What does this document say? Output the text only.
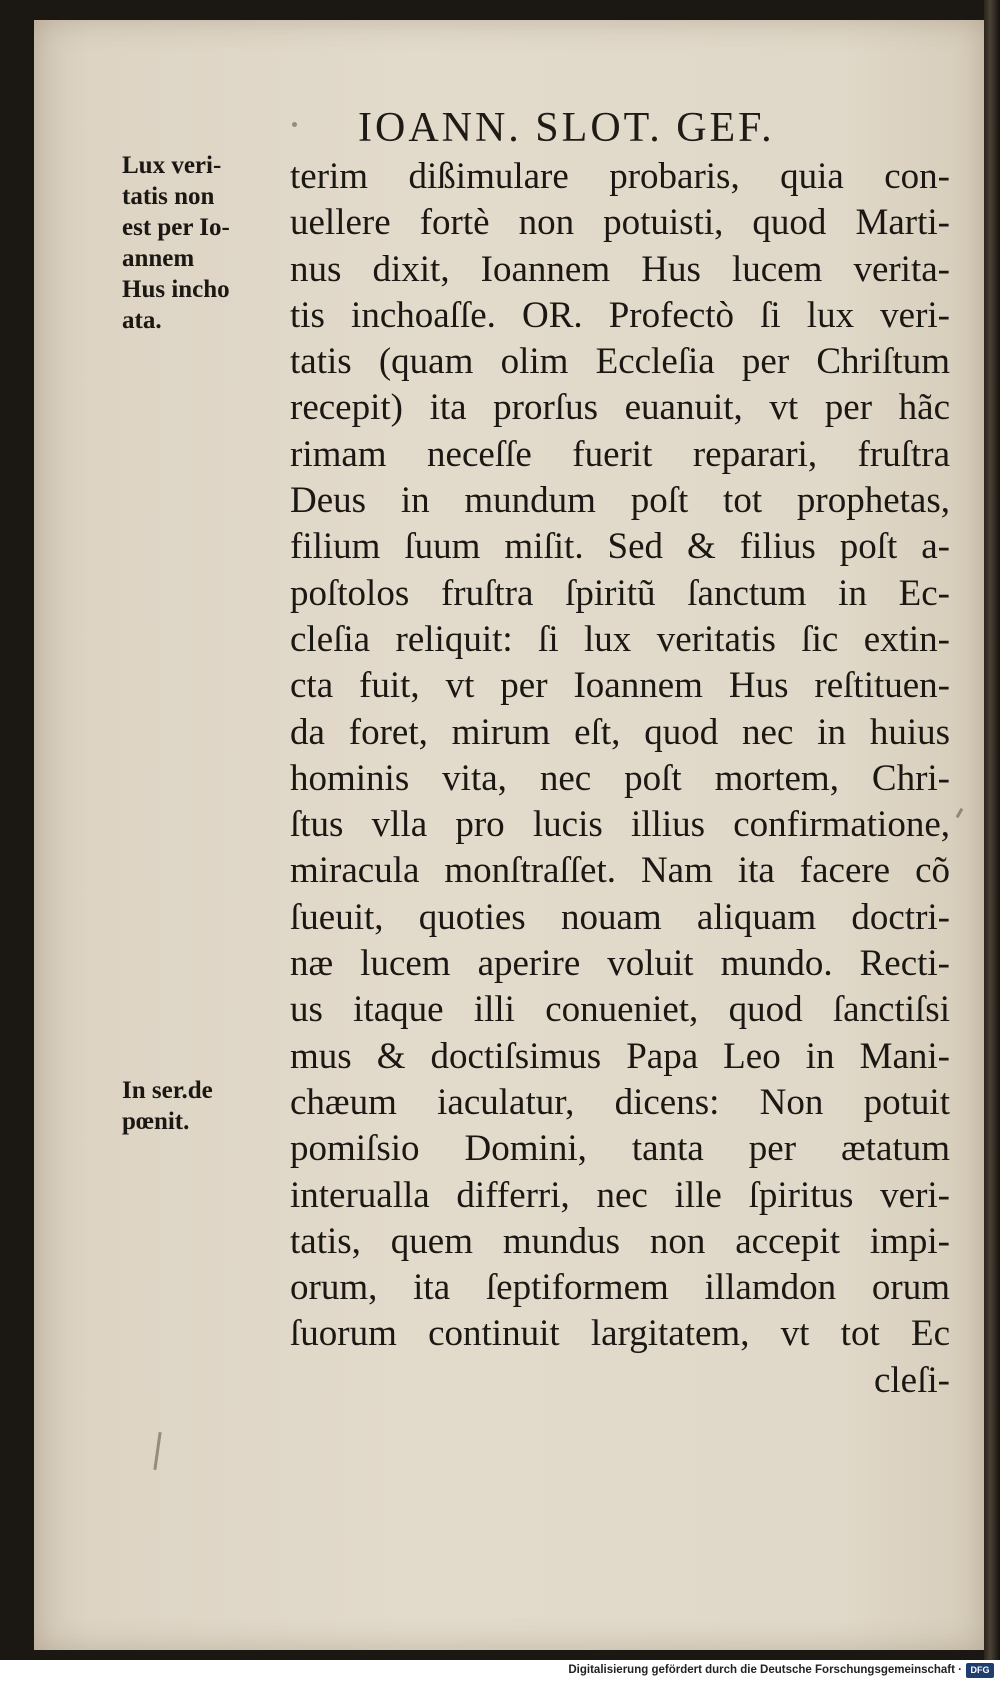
IOANN. SLOT. GEF.
Lux veri-
tatis non
est per Io-
annem
Hus incho
ata.
In ser.de
pœnit.
terim dißimulare probaris, quia con-
uellere fortè non potuisti, quod Marti-
nus dixit, Ioannem Hus lucem verita-
tis inchoaſſe. OR. Profectò ſi lux veri-
tatis (quam olim Eccleſia per Chriſtum
recepit) ita prorſus euanuit, vt per hãc
rimam neceſſe fuerit reparari, fruſtra
Deus in mundum poſt tot prophetas,
filium ſuum miſit. Sed & filius poſt a-
poſtolos fruſtra ſpiritũ ſanctum in Ec-
cleſia reliquit: ſi lux veritatis ſic extin-
cta fuit, vt per Ioannem Hus reſtituen-
da foret, mirum eſt, quod nec in huius
hominis vita, nec poſt mortem, Chri-
ſtus vlla pro lucis illius confirmatione,
miracula monſtraſſet. Nam ita facere cõ
ſueuit, quoties nouam aliquam doctri-
næ lucem aperire voluit mundo. Recti-
us itaque illi conueniet, quod ſanctiſsi
mus & doctiſsimus Papa Leo in Mani-
chæum iaculatur, dicens: Non potuit
pomiſsio Domini, tanta per ætatum
interualla differri, nec ille ſpiritus veri-
tatis, quem mundus non accepit impi-
orum, ita ſeptiformem illamdon orum
ſuorum continuit largitatem, vt tot Ec
cleſi-
Digitalisierung gefördert durch die Deutsche Forschungsgemeinschaft · DFG
